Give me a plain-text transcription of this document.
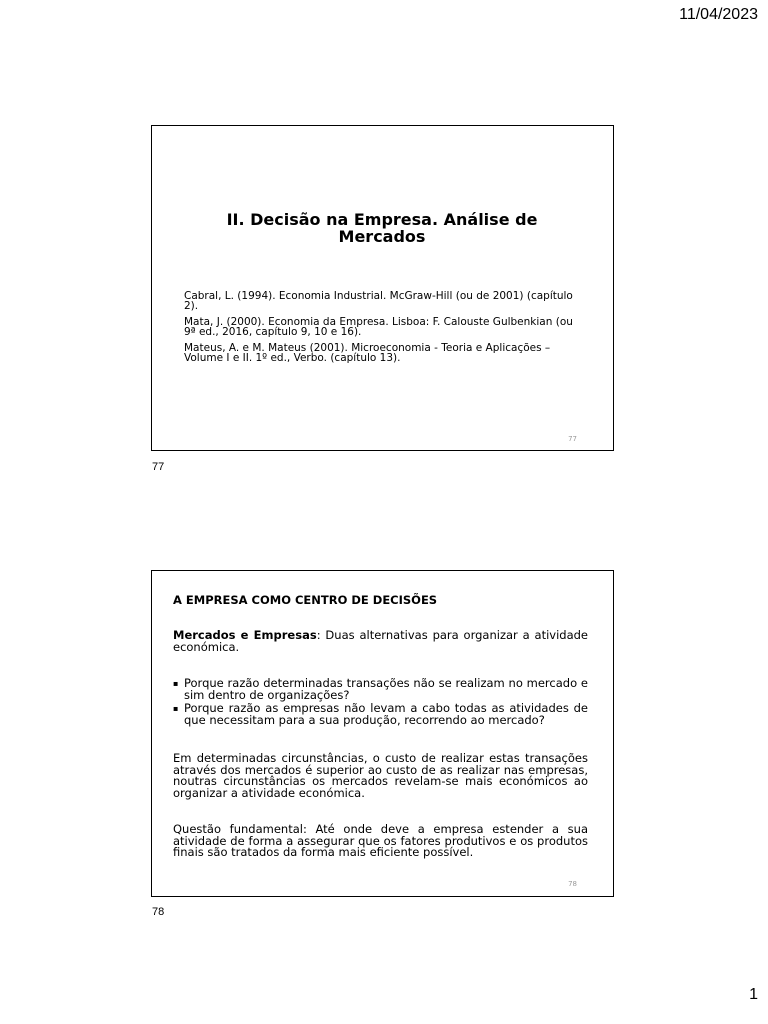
11/04/2023
II. Decisão na Empresa. Análise de Mercados

Cabral, L. (1994). Economia Industrial. McGraw-Hill (ou de 2001) (capítulo 2).

Mata, J. (2000). Economia da Empresa. Lisboa: F. Calouste Gulbenkian (ou 9ª ed., 2016, capítulo 9, 10 e 16).

Mateus, A. e M. Mateus (2001). Microeconomia - Teoria e Aplicações – Volume I e II. 1º ed., Verbo. (capítulo 13).

77
77
A EMPRESA COMO CENTRO DE DECISÕES
Mercados e Empresas: Duas alternativas para organizar a atividade económica.
▪ Porque razão determinadas transações não se realizam no mercado e sim dentro de organizações?
▪ Porque razão as empresas não levam a cabo todas as atividades de que necessitam para a sua produção, recorrendo ao mercado?
Em determinadas circunstâncias, o custo de realizar estas transações através dos mercados é superior ao custo de as realizar nas empresas, noutras circunstâncias os mercados revelam-se mais económicos ao organizar a atividade económica.
Questão fundamental: Até onde deve a empresa estender a sua atividade de forma a assegurar que os fatores produtivos e os produtos finais são tratados da forma mais eficiente possível.
78
78
1
